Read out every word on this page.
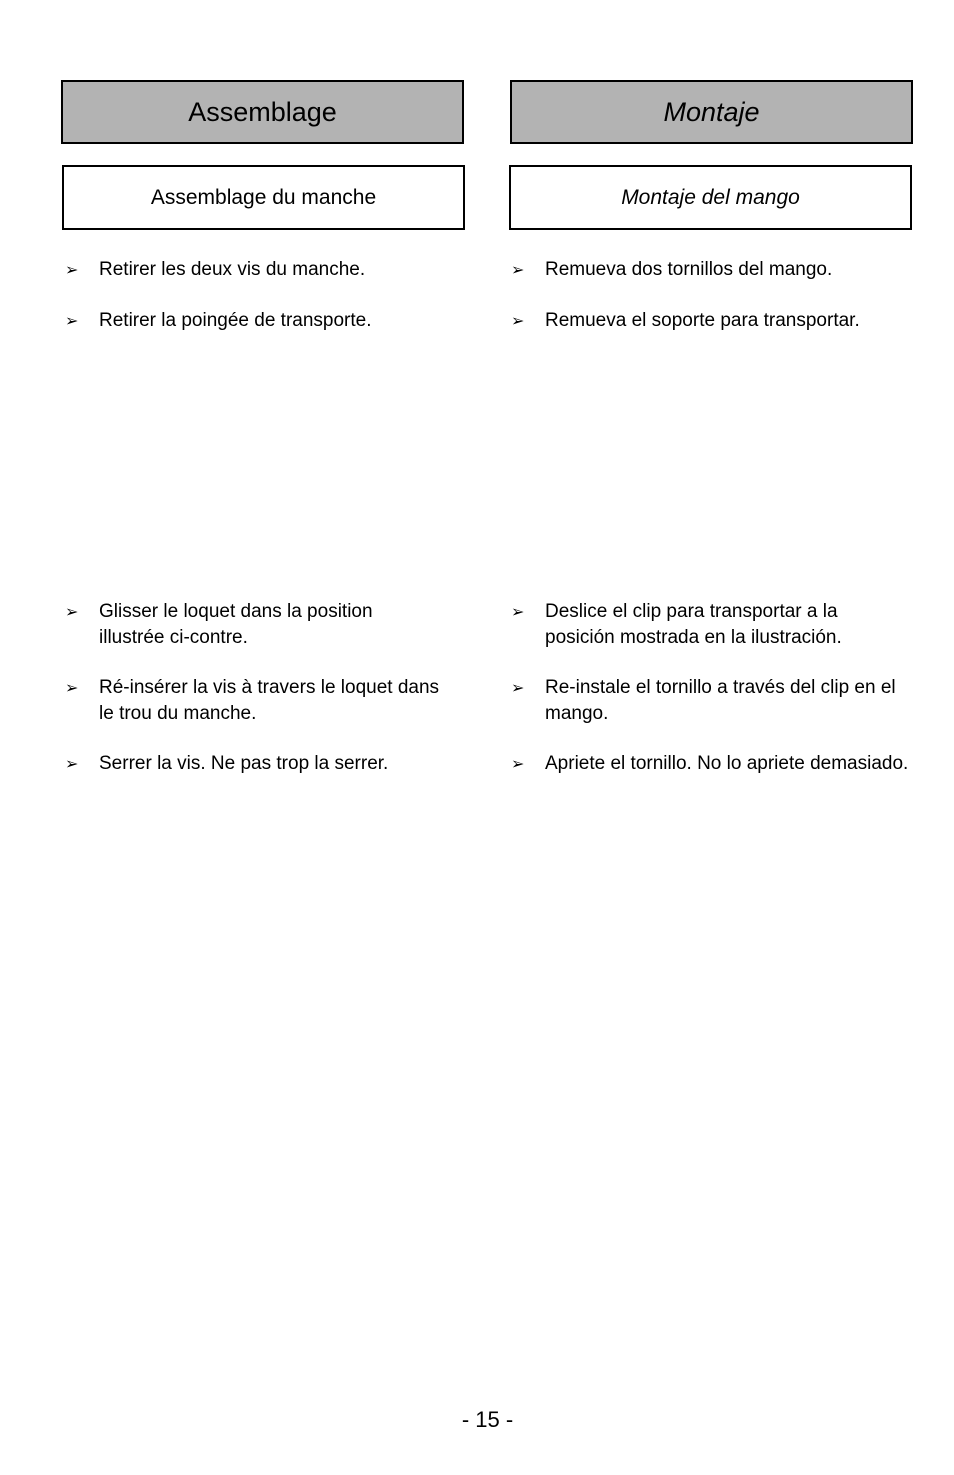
Assemblage
Assemblage du manche
➢ Retirer les deux vis du manche.
➢ Retirer la poingée de transporte.
➢ Glisser le loquet dans la position illustrée ci-contre.
➢ Ré-insérer la vis à travers le loquet dans le trou du manche.
➢ Serrer la vis. Ne pas trop la serrer.
Montaje
Montaje del mango
➢ Remueva dos tornillos del mango.
➢ Remueva el soporte para transportar.
➢ Deslice el clip para transportar a la posición mostrada en la ilustración.
➢ Re-instale el tornillo a través del clip en el mango.
➢ Apriete el tornillo. No lo apriete demasiado.
- 15 -
